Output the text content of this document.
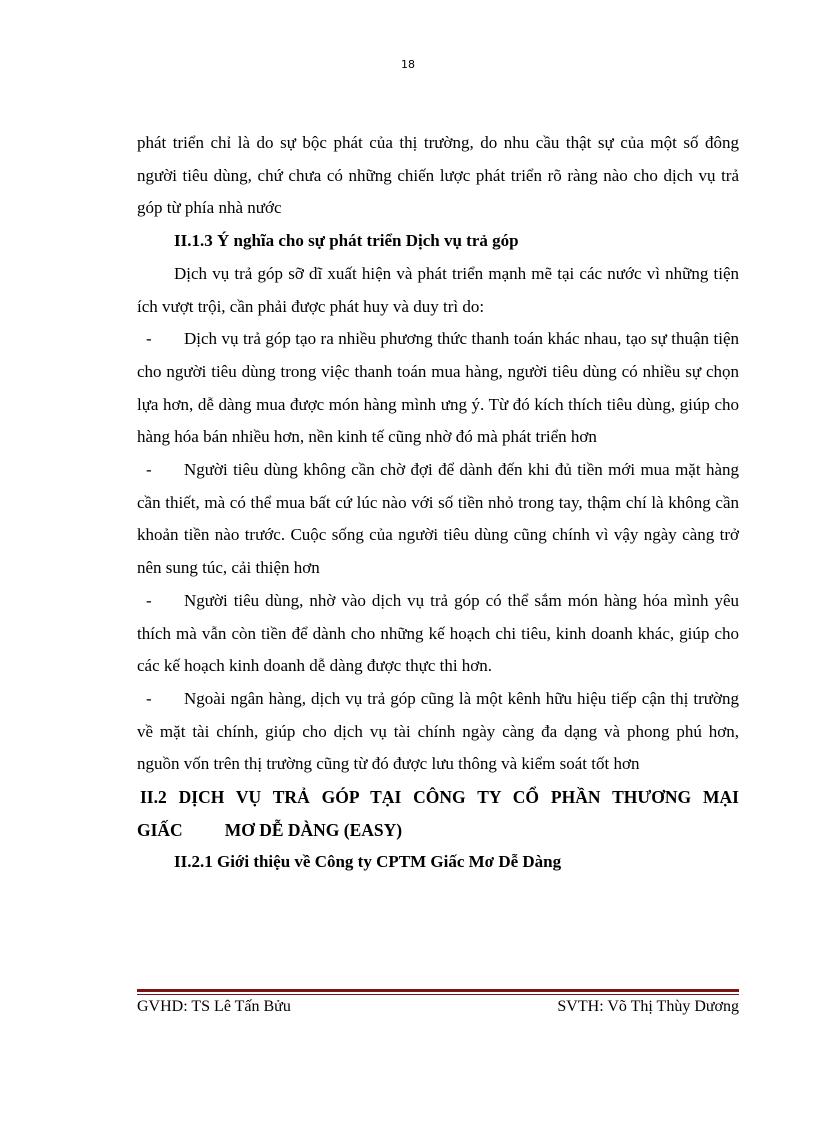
18

phát triển chỉ là do sự bộc phát của thị trường, do nhu cầu thật sự của một số đông người tiêu dùng, chứ chưa có những chiến lược phát triển rõ ràng nào cho dịch vụ trả góp từ phía nhà nước

II.1.3 Ý nghĩa cho sự phát triển Dịch vụ trả góp

Dịch vụ trả góp sỡ dĩ xuất hiện và phát triển mạnh mẽ tại các nước vì những tiện ích vượt trội, cần phải được phát huy và duy trì do:

- Dịch vụ trả góp tạo ra nhiều phương thức thanh toán khác nhau, tạo sự thuận tiện cho người tiêu dùng trong việc thanh toán mua hàng, người tiêu dùng có nhiều sự chọn lựa hơn, dễ dàng mua được món hàng mình ưng ý. Từ đó kích thích tiêu dùng, giúp cho hàng hóa bán nhiều hơn, nền kinh tế cũng nhờ đó mà phát triển hơn

- Người tiêu dùng không cần chờ đợi để dành đến khi đủ tiền mới mua mặt hàng cần thiết, mà có thể mua bất cứ lúc nào với số tiền nhỏ trong tay, thậm chí là không cần khoản tiền nào trước. Cuộc sống của người tiêu dùng cũng chính vì vậy ngày càng trở nên sung túc, cải thiện hơn

- Người tiêu dùng, nhờ vào dịch vụ trả góp có thể sắm món hàng hóa mình yêu thích mà vẫn còn tiền để dành cho những kế hoạch chi tiêu, kinh doanh khác, giúp cho các kế hoạch kinh doanh dễ dàng được thực thi hơn.

- Ngoài ngân hàng, dịch vụ trả góp cũng là một kênh hữu hiệu tiếp cận thị trường về mặt tài chính, giúp cho dịch vụ tài chính ngày càng đa dạng và phong phú hơn, nguồn vốn trên thị trường cũng từ đó được lưu thông và kiểm soát tốt hơn

II.2 DỊCH VỤ TRẢ GÓP TẠI CÔNG TY CỔ PHẦN THƯƠNG MẠI
GIẤC MƠ DỄ DÀNG (EASY)
II.2.1 Giới thiệu về Công ty CPTM Giấc Mơ Dễ Dàng
GVHD: TS Lê Tấn Bửu	SVTH: Võ Thị Thùy Dương
